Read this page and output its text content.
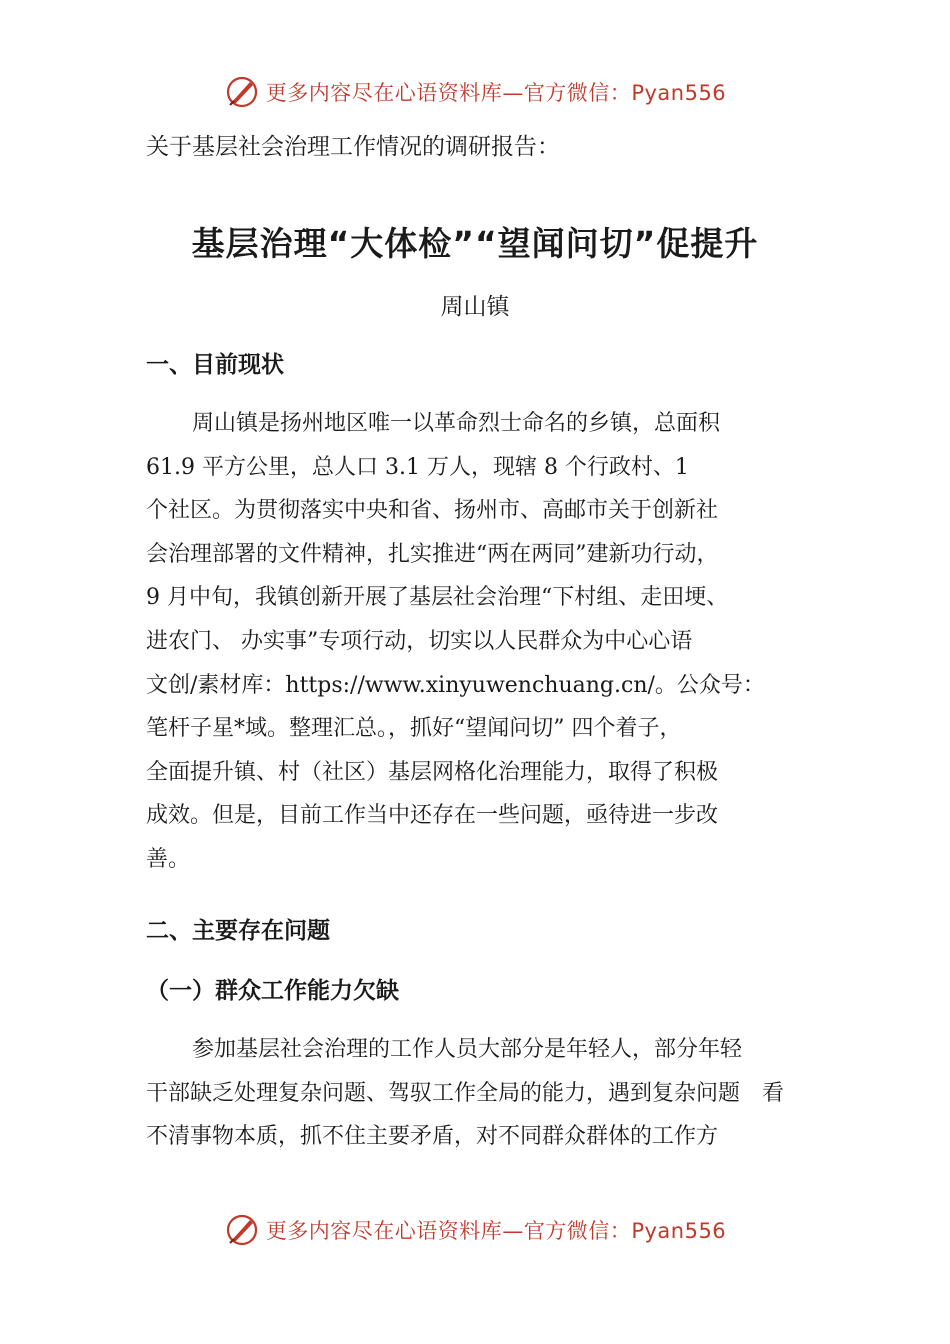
更多内容尽在心语资料库—官方微信：Pyan556
关于基层社会治理工作情况的调研报告：
基层治理“大体检”“望闻问切”促提升
周山镇
一、目前现状
周山镇是扬州地区唯一以革命烈士命名的乡镇，总面积
61.9 平方公里，总人口 3.1 万人，现辖 8 个行政村、1
个社区。为贯彻落实中央和省、扬州市、高邮市关于创新社
会治理部署的文件精神，扎实推进“两在两同”建新功行动，
9 月中旬，我镇创新开展了基层社会治理“下村组、走田埂、
进农门、 办实事”专项行动，切实以人民群众为中心心语
文创/素材库：https://www.xinyuwenchuang.cn/。公众号：
笔杆子星*域。整理汇总。，抓好“望闻问切” 四个着子，
全面提升镇、村（社区）基层网格化治理能力，取得了积极
成效。但是，目前工作当中还存在一些问题，亟待进一步改
善。
二、主要存在问题
（一）群众工作能力欠缺
参加基层社会治理的工作人员大部分是年轻人，部分年轻
干部缺乏处理复杂问题、驾驭工作全局的能力，遇到复杂问题　看
不清事物本质，抓不住主要矛盾，对不同群众群体的工作方
更多内容尽在心语资料库—官方微信：Pyan556
